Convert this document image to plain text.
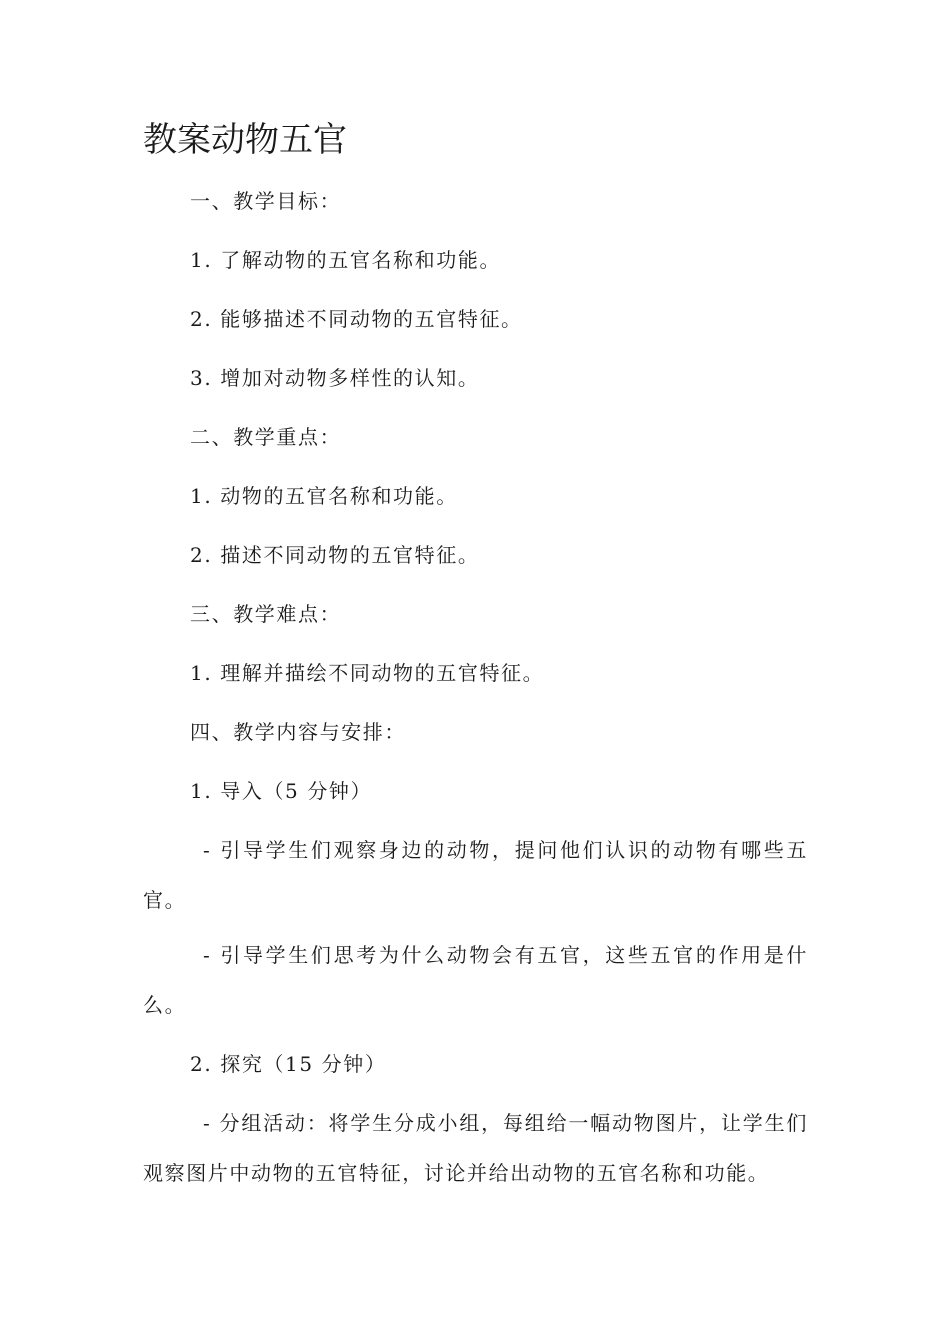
教案动物五官

一、教学目标：

1. 了解动物的五官名称和功能。

2. 能够描述不同动物的五官特征。

3. 增加对动物多样性的认知。

二、教学重点：

1. 动物的五官名称和功能。

2. 描述不同动物的五官特征。

三、教学难点：

1. 理解并描绘不同动物的五官特征。

四、教学内容与安排：

1. 导入（5 分钟）

- 引导学生们观察身边的动物，提问他们认识的动物有哪些五官。

- 引导学生们思考为什么动物会有五官，这些五官的作用是什么。

2. 探究（15 分钟）

- 分组活动：将学生分成小组，每组给一幅动物图片，让学生们观察图片中动物的五官特征，讨论并给出动物的五官名称和功能。
